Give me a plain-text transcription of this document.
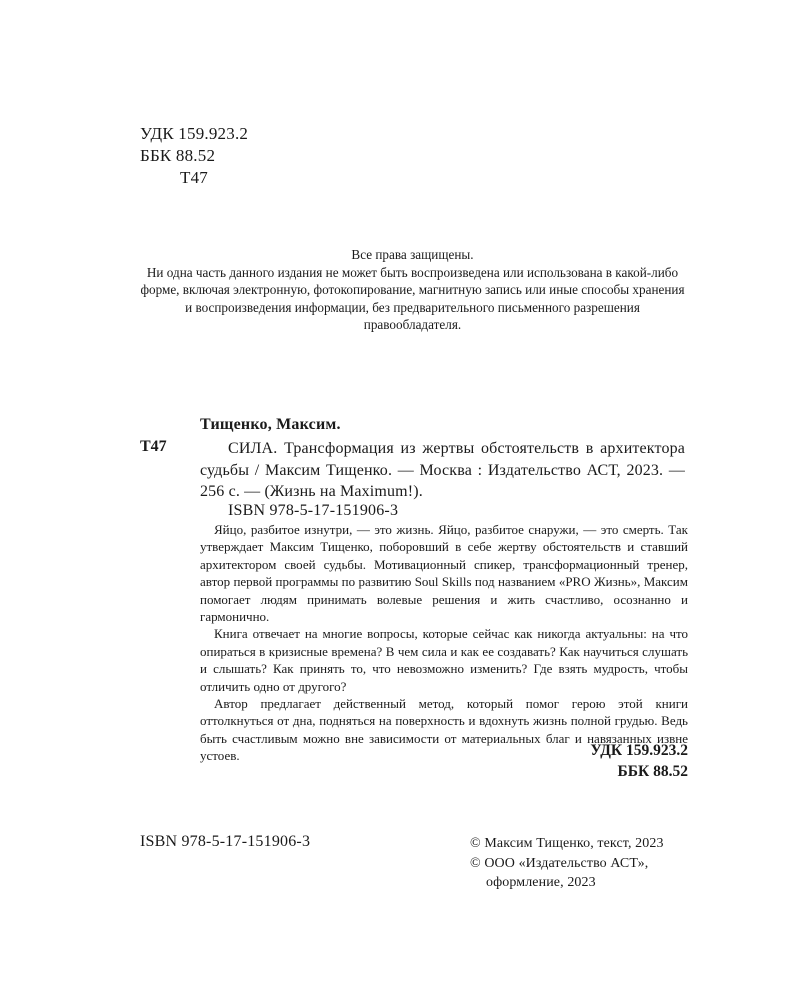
УДК 159.923.2
ББК 88.52
Т47
Все права защищены.
Ни одна часть данного издания не может быть воспроизведена или использована в какой-либо форме, включая электронную, фотокопирование, магнитную запись или иные способы хранения и воспроизведения информации, без предварительного письменного разрешения правообладателя.
Тищенко, Максим.
Т47	СИЛА. Трансформация из жертвы обстоятельств в архитектора судьбы / Максим Тищенко. — Москва : Издательство АСТ, 2023. — 256 с. — (Жизнь на Maximum!).
ISBN 978-5-17-151906-3

Яйцо, разбитое изнутри, — это жизнь. Яйцо, разбитое снаружи, — это смерть. Так утверждает Максим Тищенко, поборовший в себе жертву обстоятельств и ставший архитектором своей судьбы. Мотивационный спикер, трансформационный тренер, автор первой программы по развитию Soul Skills под названием «PRO Жизнь», Максим помогает людям принимать волевые решения и жить счастливо, осознанно и гармонично.

Книга отвечает на многие вопросы, которые сейчас как никогда актуальны: на что опираться в кризисные времена? В чем сила и как ее создавать? Как научиться слушать и слышать? Как принять то, что невозможно изменить? Где взять мудрость, чтобы отличить одно от другого?

Автор предлагает действенный метод, который помог герою этой книги оттолкнуться от дна, подняться на поверхность и вдохнуть жизнь полной грудью. Ведь быть счастливым можно вне зависимости от материальных благ и навязанных извне устоев.	УДК 159.923.2
ББК 88.52
ISBN 978-5-17-151906-3	© Максим Тищенко, текст, 2023
© ООО «Издательство АСТ»,
оформление, 2023
